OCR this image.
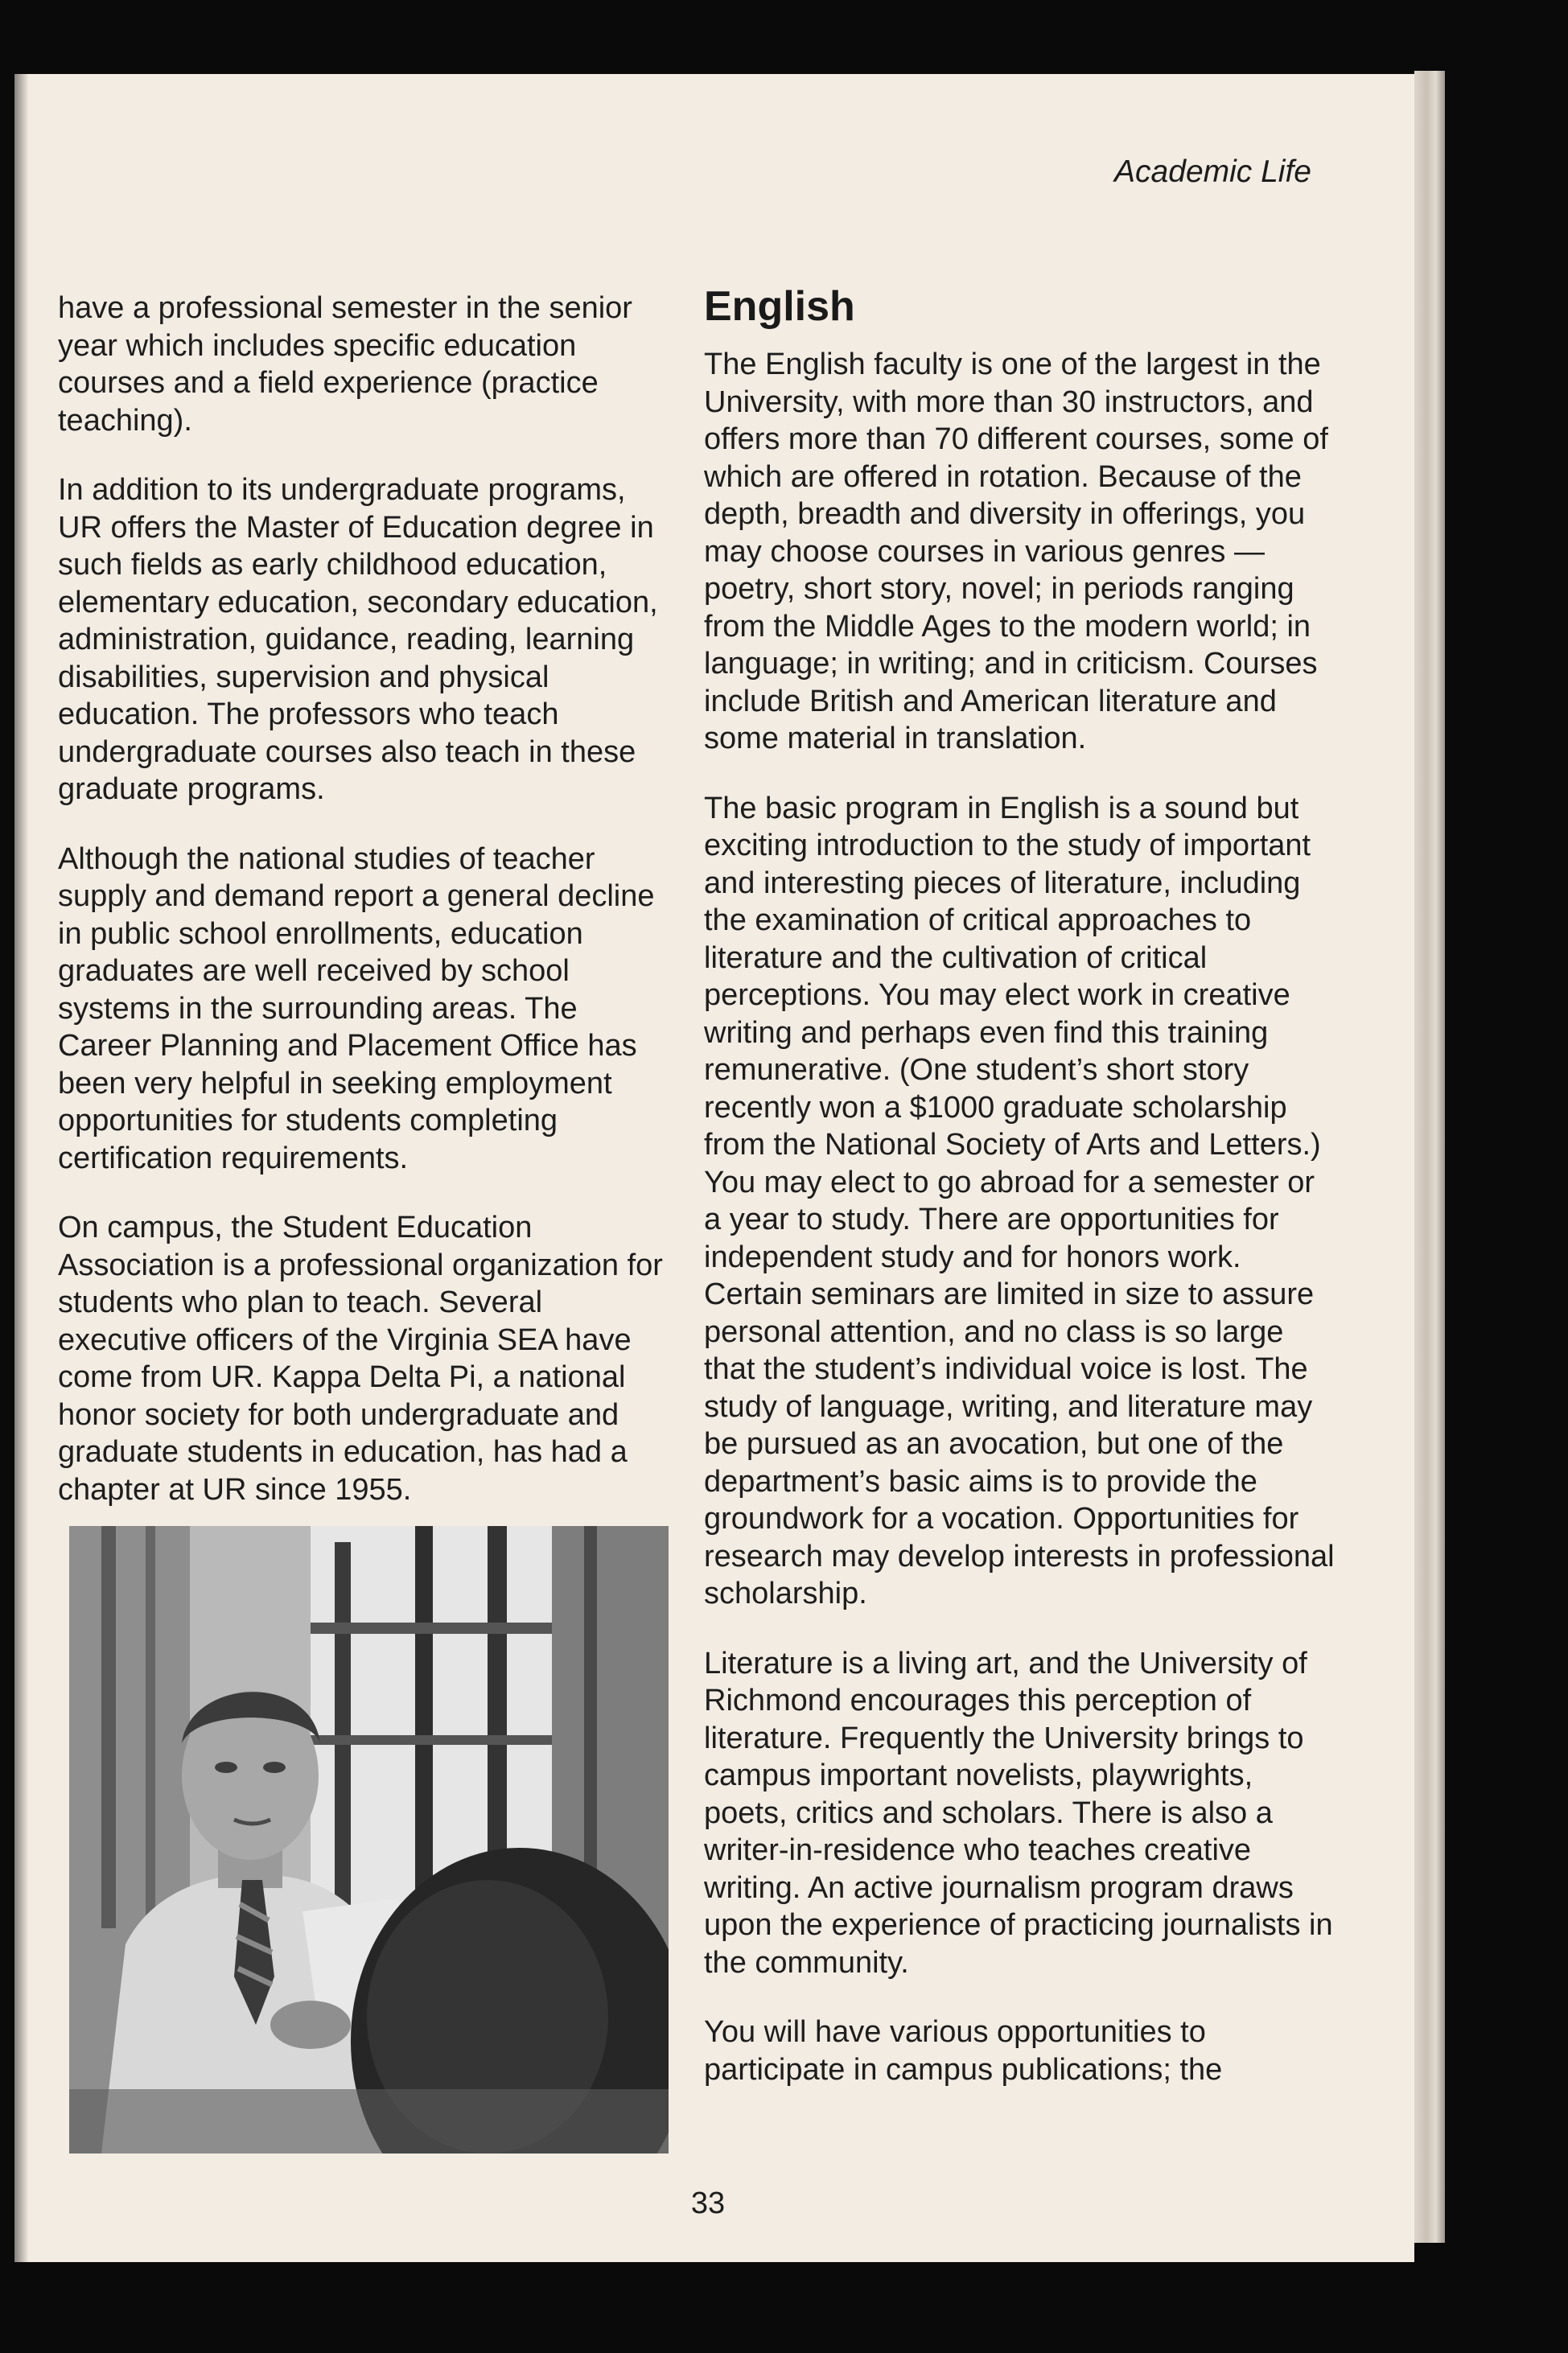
Academic Life

have a professional semester in the senior year which includes specific education courses and a field experience (practice teaching).

In addition to its undergraduate programs, UR offers the Master of Education degree in such fields as early childhood education, elementary education, secondary education, administration, guidance, reading, learning disabilities, supervision and physical education. The professors who teach undergraduate courses also teach in these graduate programs.

Although the national studies of teacher supply and demand report a general decline in public school enrollments, education graduates are well received by school systems in the surrounding areas. The Career Planning and Placement Office has been very helpful in seeking employment opportunities for students completing certification requirements.

On campus, the Student Education Association is a professional organization for students who plan to teach. Several executive officers of the Virginia SEA have come from UR. Kappa Delta Pi, a national honor society for both undergraduate and graduate students in education, has had a chapter at UR since 1955.

English

The English faculty is one of the largest in the University, with more than 30 instructors, and offers more than 70 different courses, some of which are offered in rotation. Because of the depth, breadth and diversity in offerings, you may choose courses in various genres — poetry, short story, novel; in periods ranging from the Middle Ages to the modern world; in language; in writing; and in criticism. Courses include British and American literature and some material in translation.

The basic program in English is a sound but exciting introduction to the study of important and interesting pieces of literature, including the examination of critical approaches to literature and the cultivation of critical perceptions. You may elect work in creative writing and perhaps even find this training remunerative. (One student’s short story recently won a $1000 graduate scholarship from the National Society of Arts and Letters.) You may elect to go abroad for a semester or a year to study. There are opportunities for independent study and for honors work. Certain seminars are limited in size to assure personal attention, and no class is so large that the student’s individual voice is lost. The study of language, writing, and literature may be pursued as an avocation, but one of the department’s basic aims is to provide the groundwork for a vocation. Opportunities for research may develop interests in professional scholarship.

Literature is a living art, and the University of Richmond encourages this perception of literature. Frequently the University brings to campus important novelists, playwrights, poets, critics and scholars. There is also a writer-in-residence who teaches creative writing. An active journalism program draws upon the experience of practicing journalists in the community.

You will have various opportunities to participate in campus publications; the

33
